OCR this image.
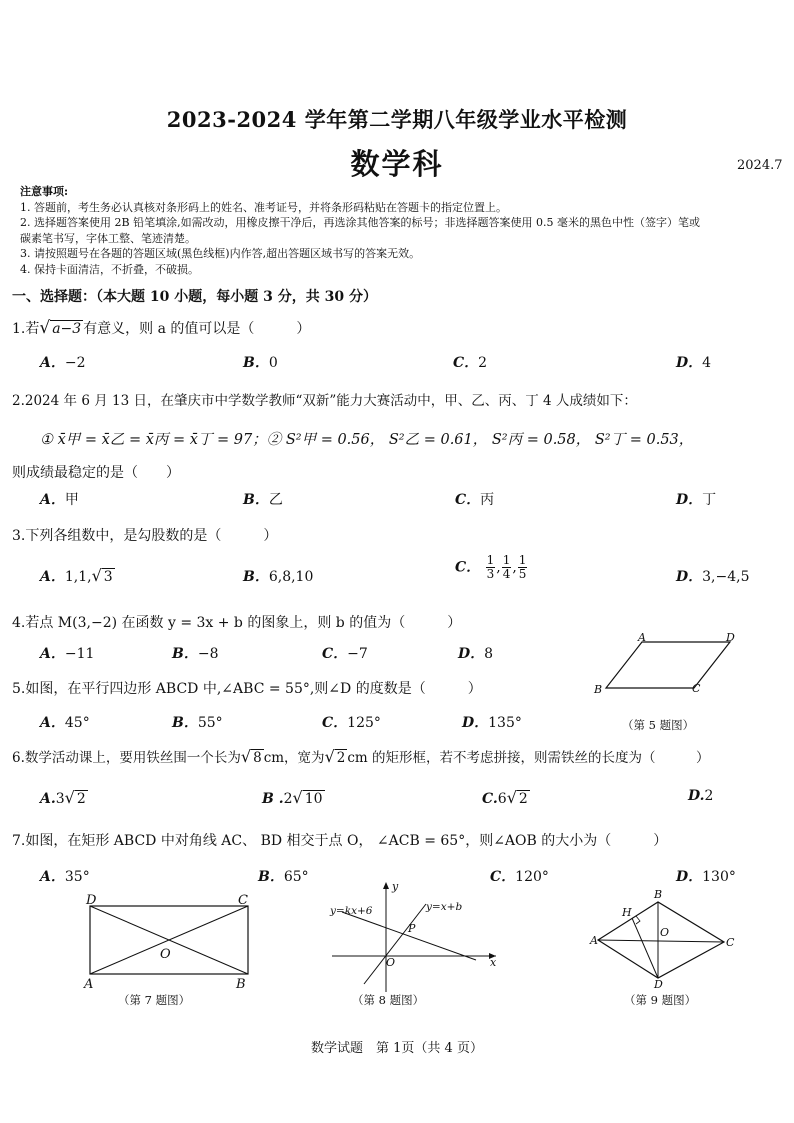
2023-2024 学年第二学期八年级学业水平检测
数学科	2024.7
注意事项:
1. 答题前，考生务必认真核对条形码上的姓名、准考证号，并将条形码粘贴在答题卡的指定位置上。
2. 选择题答案使用 2B 铅笔填涂,如需改动，用橡皮擦干净后，再选涂其他答案的标号；非选择题答案使用 0.5 毫米的黑色中性（签字）笔或
碳素笔书写，字体工整、笔迹清楚。
3. 请按照题号在各题的答题区域(黑色线框)内作答,超出答题区域书写的答案无效。
4. 保持卡面清洁，不折叠，不破损。
一、选择题：（本大题 10 小题，每小题 3 分，共 30 分）
1.若√ a−3 有意义，则 a 的值可以是（　　　）
A．−2	B．0	C．2	D．4
2.2024 年 6 月 13 日，在肇庆市中学数学教师“双新”能力大赛活动中，甲、乙、丙、丁 4 人成绩如下：
① x̄甲 = x̄乙 = x̄丙 = x̄丁 = 97；② S²甲 = 0.56， S²乙 = 0.61， S²丙 = 0.58， S²丁 = 0.53，
则成绩最稳定的是（　　）
A．甲	B．乙	C．丙	D．丁
3.下列各组数中，是勾股数的是（　　　）
A．1,1,√ 3	B．6,8,10
C． $\frac{1}{3}$ , $\frac{1}{4}$ , $\frac{1}{5}$	D．3,−4,5
4.若点 M(3,−2) 在函数 y = 3x + b 的图象上，则 b 的值为（　　　）
A．−11	B．−8	C．−7	D．8
A	D
B	C
5.如图，在平行四边形 ABCD 中,∠ABC = 55°,则∠D 的度数是（　　　）
A．45°	B．55°	C．125°	D．135°	（第 5 题图）
6.数学活动课上，要用铁丝围一个长为√ 8 cm，宽为√ 2 cm 的矩形框，若不考虑拼接，则需铁丝的长度为（　　　）
A.3√ 2	B .2√ 10	C.6√ 2	D.2
7.如图，在矩形 ABCD 中对角线 AC、 BD 相交于点 O， ∠ACB = 65°，则∠AOB 的大小为（　　　）
A．35°	B．65°	C．120°	D．130°
D	C
A	B
O
（第 7 题图）
y=kx+6	y=x+b
P
O	x
y
（第 8 题图）
A
B
C
D
H
O
（第 9 题图）
数学试题　第 1页（共 4 页）
